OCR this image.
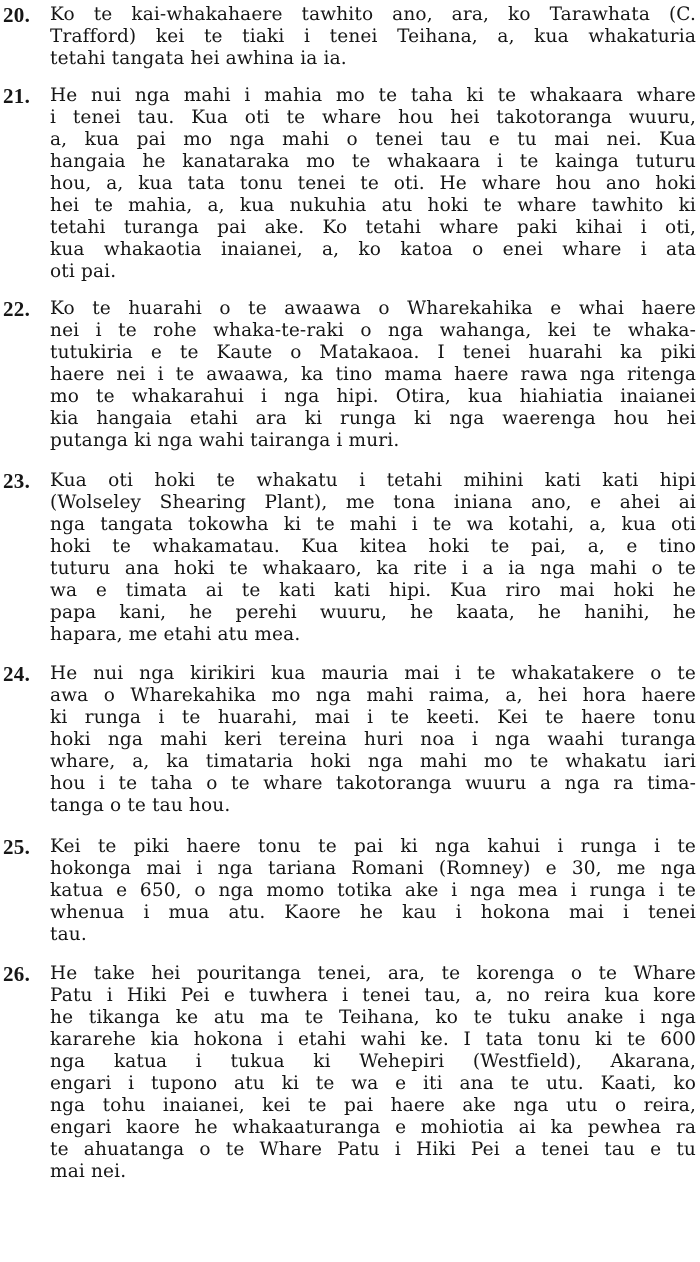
20. Ko te kai-whakahaere tawhito ano, ara, ko Tarawhata (C.
Trafford) kei te tiaki i tenei Teihana, a, kua whakaturia
tetahi tangata hei awhina ia ia.
21. He nui nga mahi i mahia mo te taha ki te whakaara whare
i tenei tau. Kua oti te whare hou hei takotoranga wuuru,
a, kua pai mo nga mahi o tenei tau e tu mai nei. Kua
hangaia he kanatarakа mo te whakaara i te kainga tuturu
hou, a, kua tata tonu tenei te oti. He whare hou ano hoki
hei te mahia, a, kua nukuhia atu hoki te whare tawhito ki
tetahi turanga pai ake. Ko tetahi whare paki kihai i oti,
kua whakaotia inaianei, a, ko katoa o enei whare i ata
oti pai.
22. Ko te huarahi o te awaawa o Wharekahika e whai haere
nei i te rohe whaka-te-raki o nga wahanga, kei te whaka-
tutukiria e te Kaute o Matakaoa. I tenei huarahi ka piki
haere nei i te awaawa, ka tino mama haere rawa nga ritenga
mo te whakarahui i nga hipi. Otira, kua hiahiatia inaianei
kia hangaia etahi ara ki runga ki nga waerenga hou hei
putanga ki nga wahi tairanga i muri.
23. Kua oti hoki te whakatu i tetahi mihini kati kati hipi
(Wolseley Shearing Plant), me tona iniana ano, e ahei ai
nga tangata tokowha ki te mahi i te wa kotahi, a, kua oti
hoki te whakamatau. Kua kitea hoki te pai, a, e tino
tuturu ana hoki te whakaaro, ka rite i a ia nga mahi o te
wa e timata ai te kati kati hipi. Kua riro mai hoki he
papa kani, he perehi wuuru, he kaata, he hanihi, he
hapara, me etahi atu mea.
24. He nui nga kirikiri kua mauria mai i te whakatakere o te
awa o Wharekahika mo nga mahi raima, a, hei hora haere
ki runga i te huarahi, mai i te keeti. Kei te haere tonu
hoki nga mahi keri tereina huri noa i nga waahi turanga
whare, a, ka timataria hoki nga mahi mo te whakatu iari
hou i te taha o te whare takotoranga wuuru a nga ra tima-
tanga o te tau hou.
25. Kei te piki haere tonu te pai ki nga kahui i runga i te
hokonga mai i nga tariana Romani (Romney) e 30, me nga
katua e 650, o nga momo totika ake i nga mea i runga i te
whenua i mua atu. Kaore he kau i hokona mai i tenei
tau.
26. He take hei pouritanga tenei, ara, te korenga o te Whare
Patu i Hiki Pei e tuwhera i tenei tau, a, no reira kua kore
he tikanga ke atu ma te Teihana, ko te tuku anake i nga
kararehe kia hokona i etahi wahi ke. I tata tonu ki te 600
nga katua i tukua ki Wehepiri (Westfield), Akarana,
engari i tupono atu ki te wa e iti ana te utu. Kaati, ko
nga tohu inaianei, kei te pai haere ake nga utu o reira,
engari kaore he whakaaturanga e mohiotia ai ka pewhea ra
te ahuatanga o te Whare Patu i Hiki Pei a tenei tau e tu
mai nei.
